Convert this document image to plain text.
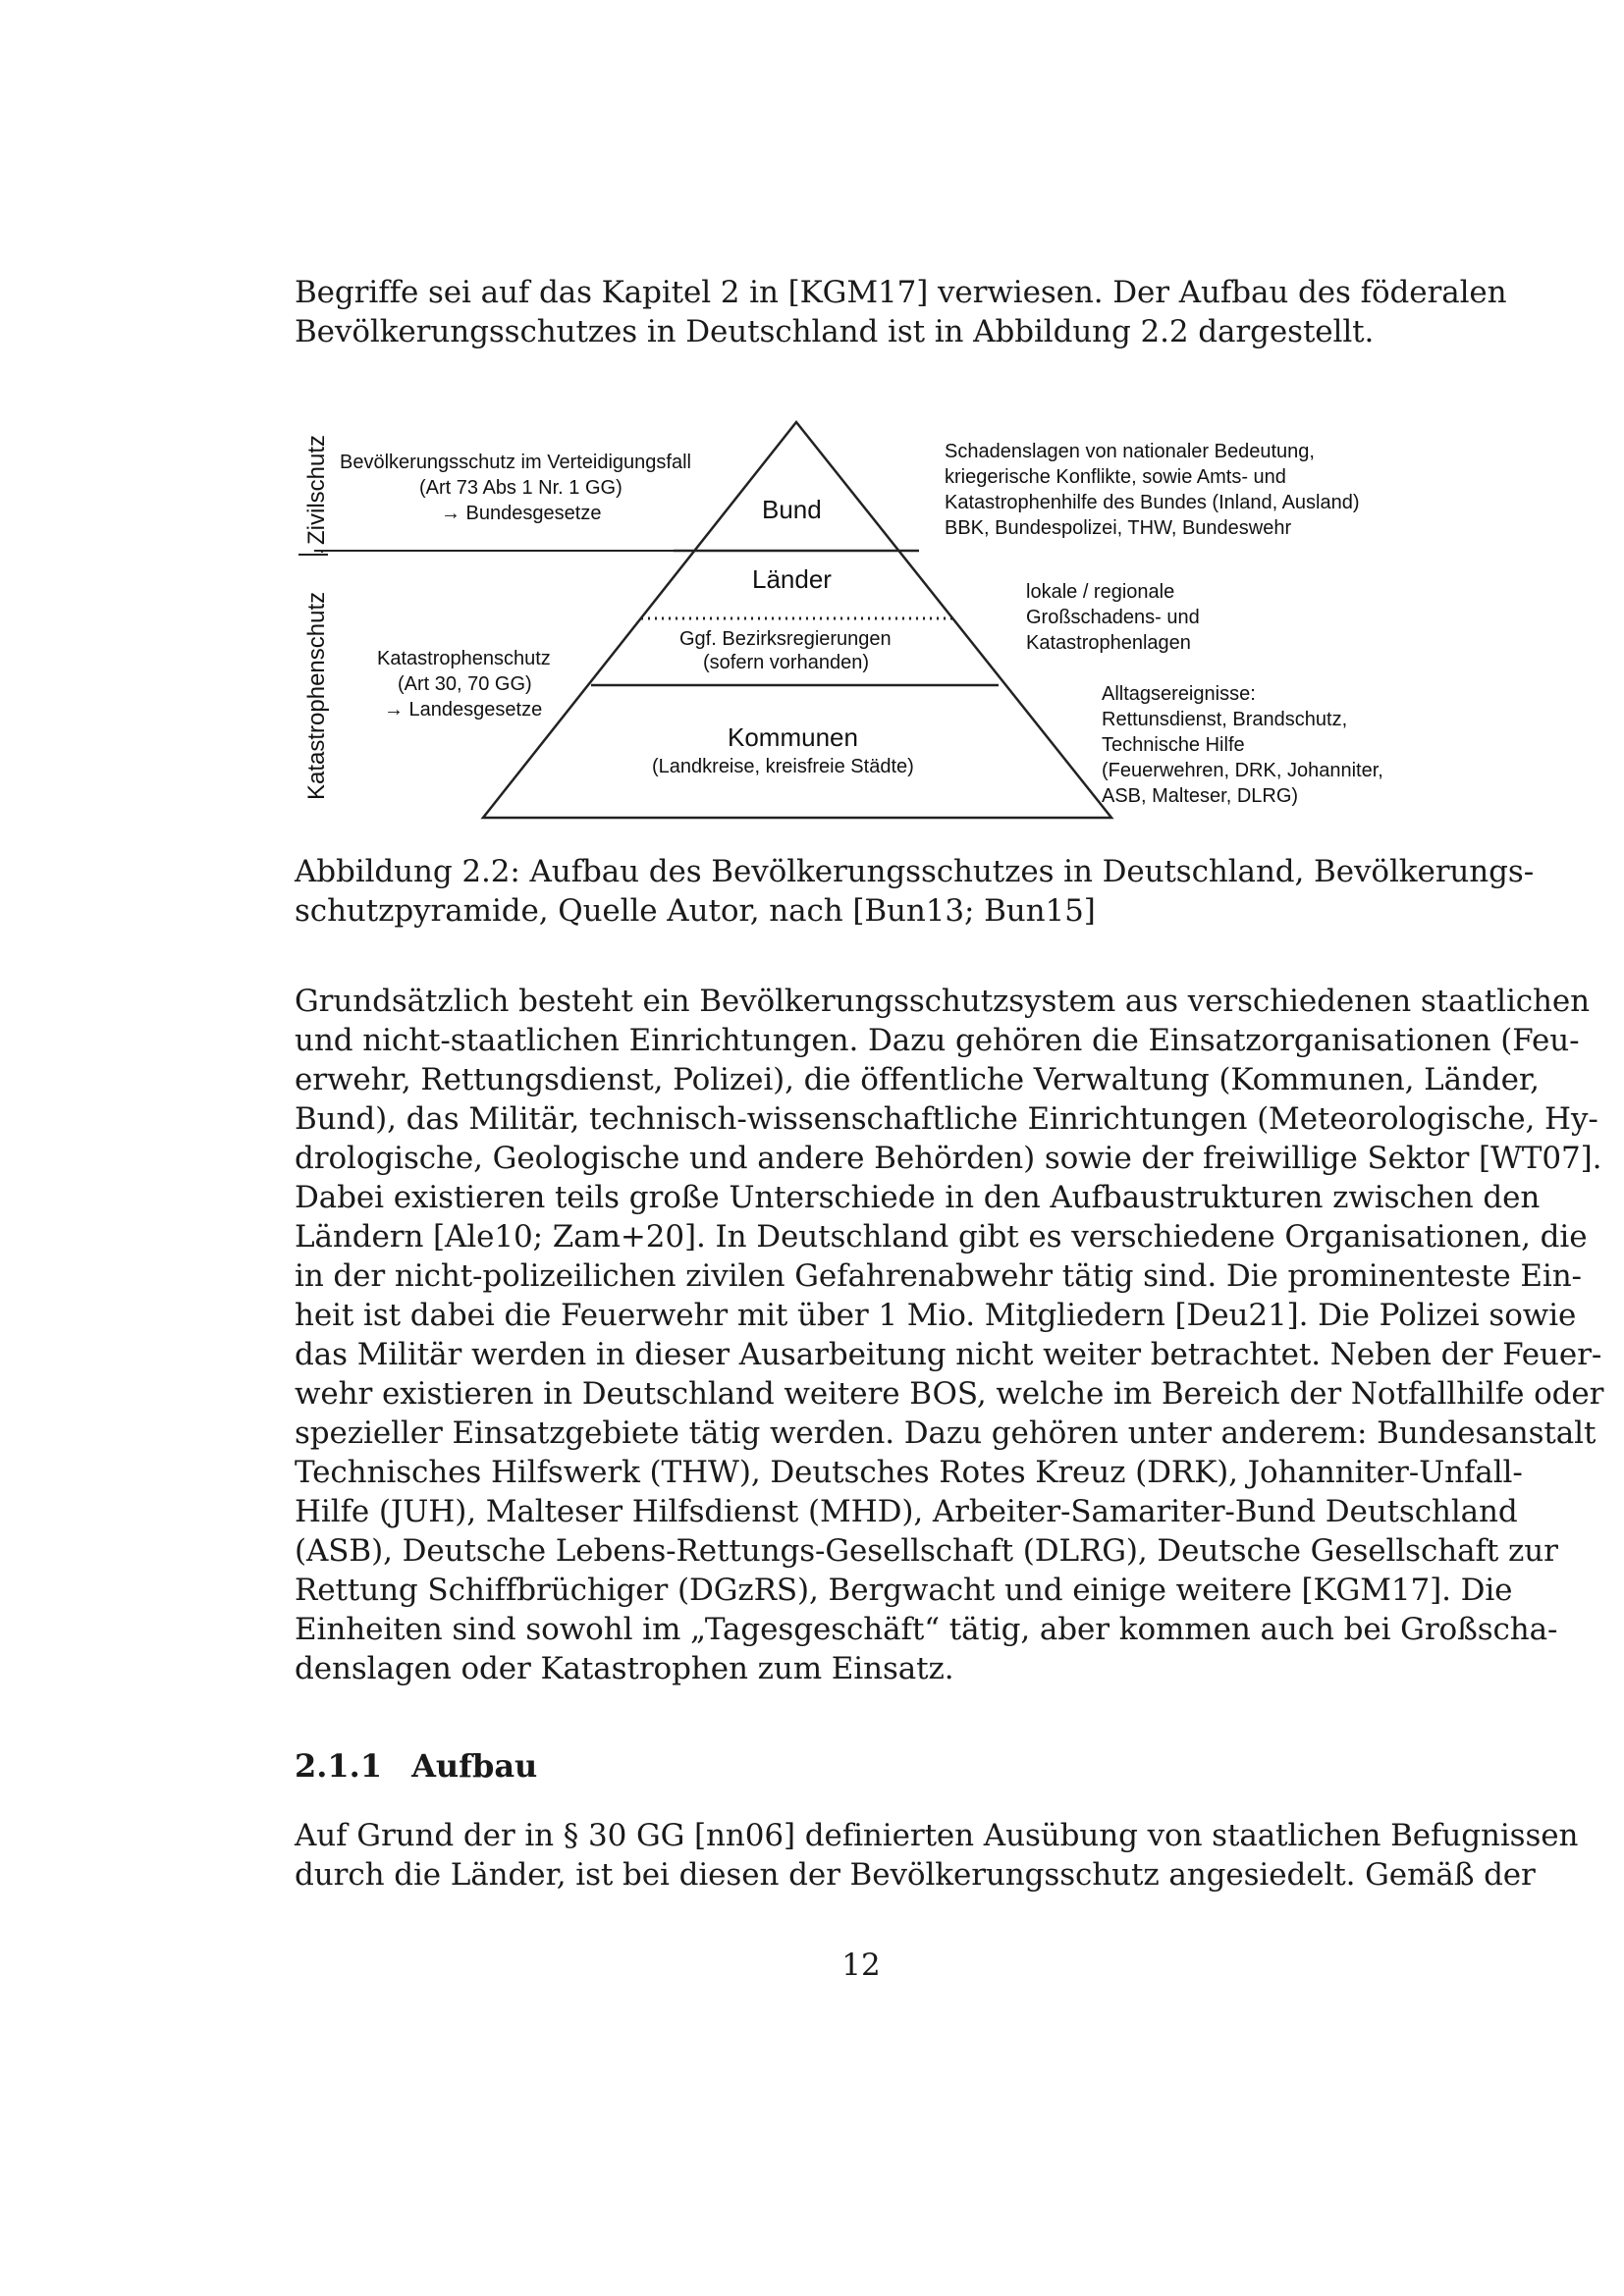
Begriffe sei auf das Kapitel 2 in [KGM17] verwiesen. Der Aufbau des föderalen
Bevölkerungsschutzes in Deutschland ist in Abbildung 2.2 dargestellt.
Zivilschutz
Katastrophenschutz
Bevölkerungsschutz im Verteidigungsfall
(Art 73 Abs 1 Nr. 1 GG)
→ Bundesgesetze
Katastrophenschutz
(Art 30, 70 GG)
→ Landesgesetze
Bund
Länder
Ggf. Bezirksregierungen
(sofern vorhanden)
Kommunen
(Landkreise, kreisfreie Städte)
Schadenslagen von nationaler Bedeutung,
kriegerische Konflikte, sowie Amts- und
Katastrophenhilfe des Bundes (Inland, Ausland)
BBK, Bundespolizei, THW, Bundeswehr
lokale / regionale
Großschadens- und
Katastrophenlagen
Alltagsereignisse:
Rettunsdienst, Brandschutz,
Technische Hilfe
(Feuerwehren, DRK, Johanniter,
ASB, Malteser, DLRG)
Abbildung 2.2: Aufbau des Bevölkerungsschutzes in Deutschland, Bevölkerungs-
schutzpyramide, Quelle Autor, nach [Bun13; Bun15]
Grundsätzlich besteht ein Bevölkerungsschutzsystem aus verschiedenen staatlichen
und nicht-staatlichen Einrichtungen. Dazu gehören die Einsatzorganisationen (Feu-
erwehr, Rettungsdienst, Polizei), die öffentliche Verwaltung (Kommunen, Länder,
Bund), das Militär, technisch-wissenschaftliche Einrichtungen (Meteorologische, Hy-
drologische, Geologische und andere Behörden) sowie der freiwillige Sektor [WT07].
Dabei existieren teils große Unterschiede in den Aufbaustrukturen zwischen den
Ländern [Ale10; Zam+20]. In Deutschland gibt es verschiedene Organisationen, die
in der nicht-polizeilichen zivilen Gefahrenabwehr tätig sind. Die prominenteste Ein-
heit ist dabei die Feuerwehr mit über 1 Mio. Mitgliedern [Deu21]. Die Polizei sowie
das Militär werden in dieser Ausarbeitung nicht weiter betrachtet. Neben der Feuer-
wehr existieren in Deutschland weitere BOS, welche im Bereich der Notfallhilfe oder
spezieller Einsatzgebiete tätig werden. Dazu gehören unter anderem: Bundesanstalt
Technisches Hilfswerk (THW), Deutsches Rotes Kreuz (DRK), Johanniter-Unfall-
Hilfe (JUH), Malteser Hilfsdienst (MHD), Arbeiter-Samariter-Bund Deutschland
(ASB), Deutsche Lebens-Rettungs-Gesellschaft (DLRG), Deutsche Gesellschaft zur
Rettung Schiffbrüchiger (DGzRS), Bergwacht und einige weitere [KGM17]. Die
Einheiten sind sowohl im „Tagesgeschäft“ tätig, aber kommen auch bei Großscha-
denslagen oder Katastrophen zum Einsatz.
2.1.1 Aufbau
Auf Grund der in § 30 GG [nn06] definierten Ausübung von staatlichen Befugnissen
durch die Länder, ist bei diesen der Bevölkerungsschutz angesiedelt. Gemäß der
12
